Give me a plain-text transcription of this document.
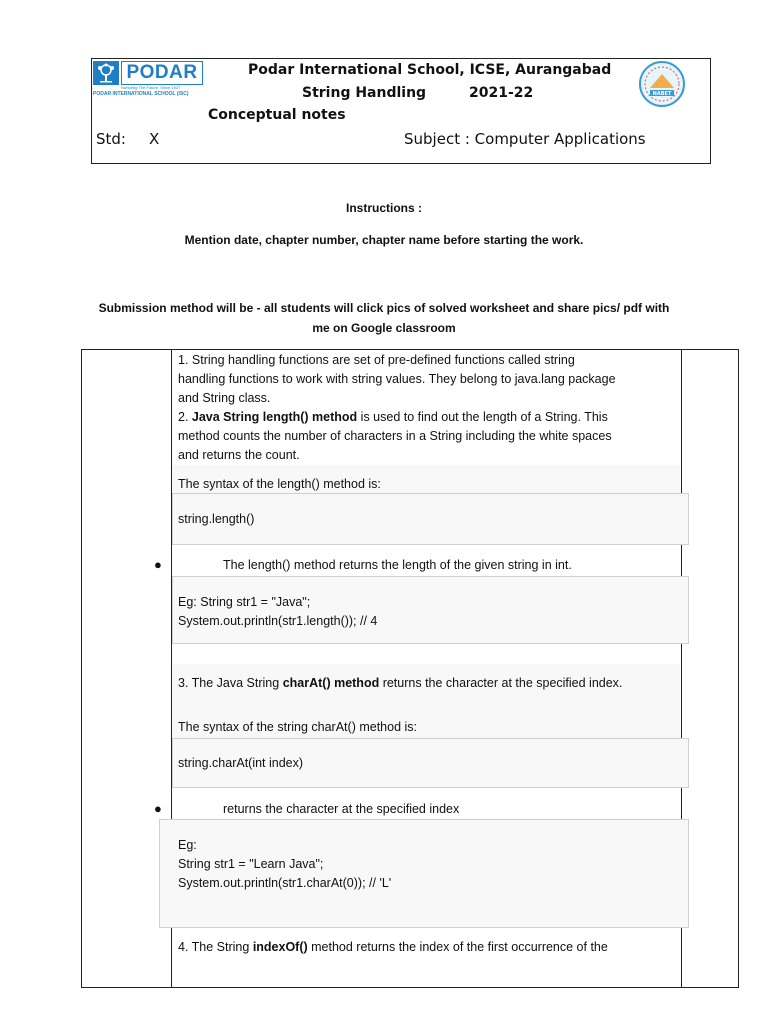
PODAR
Nurturing The Future. Since 1927
PODAR INTERNATIONAL SCHOOL (ISC)
Podar International School, ICSE, Aurangabad
String Handling	2021-22
Conceptual notes
Std: X	Subject : Computer Applications
NABET
Instructions :
Mention date, chapter number, chapter name before starting the work.
Submission method will be - all students will click pics of solved worksheet and share pics/ pdf with
me on Google classroom
1. String handling functions are set of pre-defined functions called string
handling functions to work with string values. They belong to java.lang package
and String class.
2. Java String length() method is used to find out the length of a String. This
method counts the number of characters in a String including the white spaces
and returns the count.
The syntax of the length() method is:
string.length()
●	The length() method returns the length of the given string in int.
Eg: String str1 = "Java";
System.out.println(str1.length()); // 4
3. The Java String charAt() method returns the character at the specified index.
The syntax of the string charAt() method is:
string.charAt(int index)
●	returns the character at the specified index
Eg:
String str1 = "Learn Java";
System.out.println(str1.charAt(0)); // 'L'
4. The String indexOf() method returns the index of the first occurrence of the
